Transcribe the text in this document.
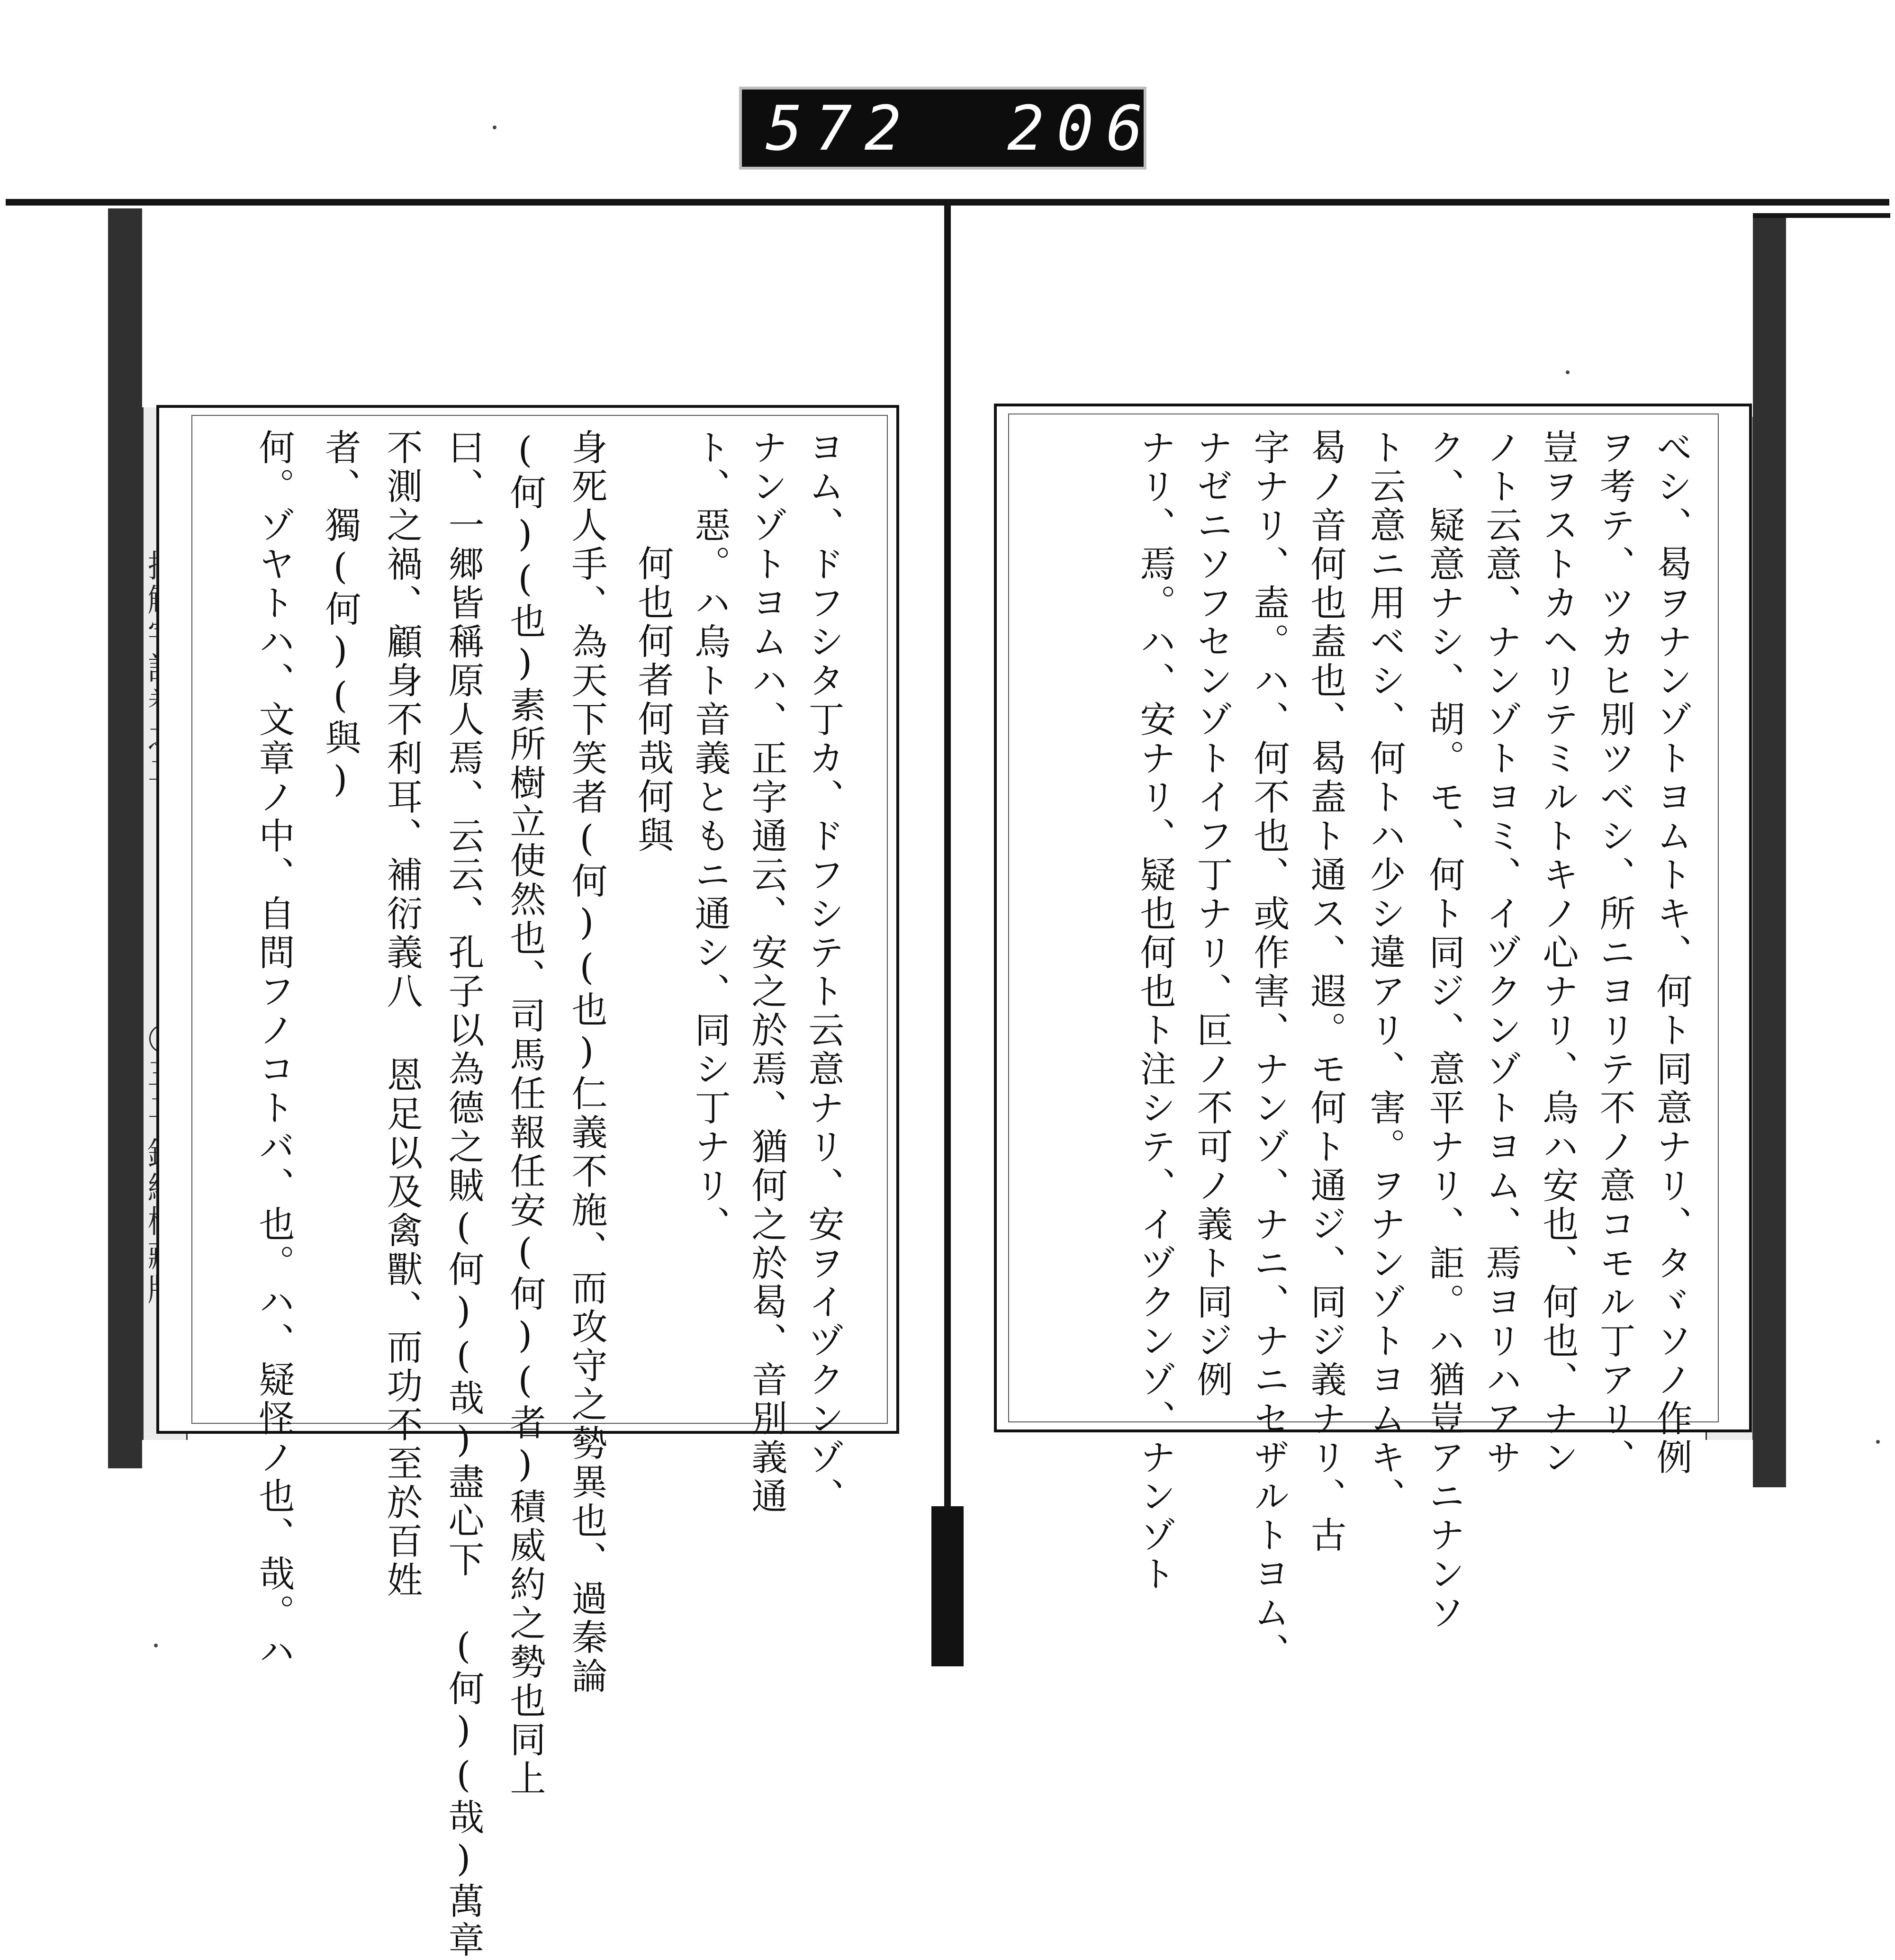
572 206.
べシ、曷ヲナンゾトヨムトキ、何ト同意ナリ、タヾソノ作例
ヲ考テ、ツカヒ別ツベシ、所ニヨリテ不ノ意コモル丁アリ、
豈ヲストカヘリテミルトキノ心ナリ、烏ハ安也、何也、ナン
ノト云意、ナンゾトヨミ、イヅクンゾトヨム、焉ヨリハアサ
ク、疑意ナシ、胡。モ、何ト同ジ、意平ナリ、詎。ハ猶豈アニナンソ
ト云意ニ用ベシ、何トハ少シ違アリ、害。ヲナンゾトヨムキ、
曷ノ音何也盍也、曷盍ト通ス、遐。モ何ト通ジ、同ジ義ナリ、古
字ナリ、盍。ハ、何不也、或作害、ナンゾ、ナニ、ナニセザルトヨム、
ナゼニソフセンゾトイフ丁ナリ、叵ノ不可ノ義ト同ジ例
ナリ、焉。ハ、安ナリ、疑也何也ト注シテ、イヅクンゾ、ナンゾト
ヨム、ドフシタ丁カ、ドフシテト云意ナリ、安ヲイヅクンゾ、
ナンゾトヨムハ、正字通云、安之於焉、猶何之於曷、音別義通
ト、惡。ハ烏ト音義ともニ通シ、同シ丁ナリ、
何也何者何哉何與
身死人手、為天下笑者(何)(也)仁義不施、而攻守之勢異也、過秦論
(何)(也)素所樹立使然也、司馬任報任安(何)(者)積威約之勢也同上
曰、一郷皆稱原人焉、云云、孔子以為德之賊(何)(哉)盡心下 (何)(哉)萬章
不測之禍、顧身不利耳、補衍義八 恩足以及禽獸、而功不至於百姓
者、獨(何)(與)
何。ゾヤトハ、文章ノ中、自問フノコトバ、也。ハ、疑怪ノ也、哉。ハ
